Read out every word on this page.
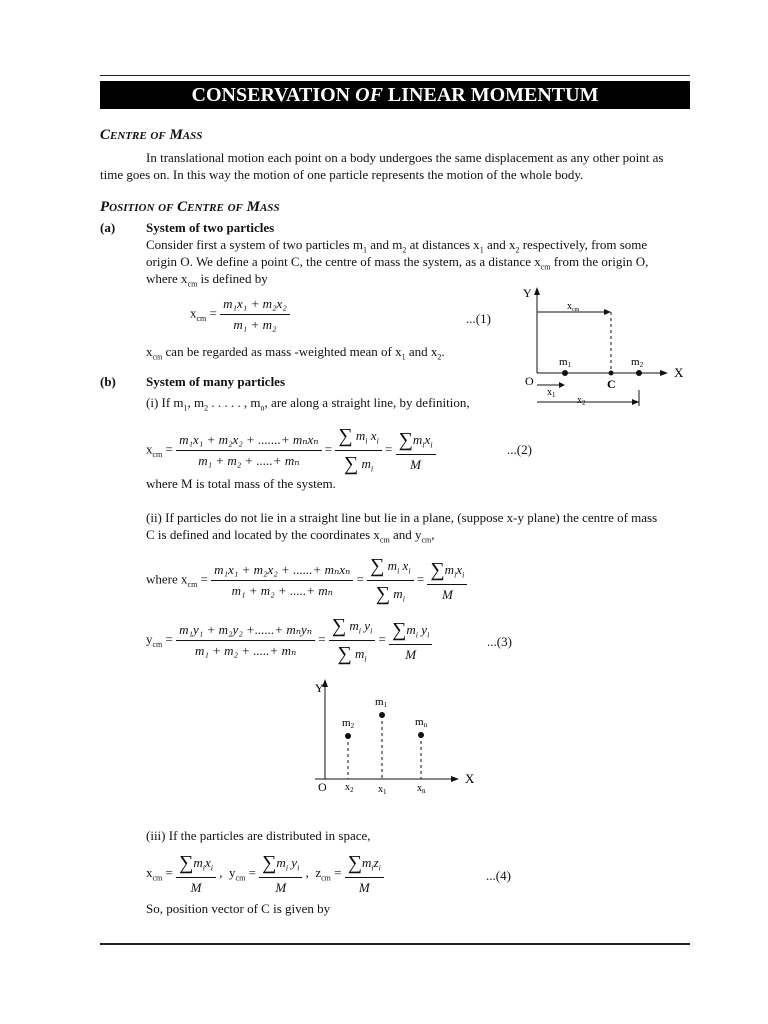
CONSERVATION OF LINEAR MOMENTUM
Centre of Mass
In translational motion each point on a body undergoes the same displacement as any other point as
time goes on. In this way the motion of one particle represents the motion of the whole body.
Position of Centre of Mass
(a) System of two particles
Consider first a system of two particles $m_1$ and $m_2$ at distances $x_1$ and $x_2$ respectively, from some
origin O. We define a point C, the centre of mass the system, as a distance $x_{cm}$ from the origin O,
where $x_{cm}$ is defined by
$x_{cm} = \frac{\text{m₁x₁ + m₂x₂}}{\text{m₁ + m₂}}$	...(1)
$x_{cm}$ can be regarded as mass -weighted mean of $x_1$ and $x_2$.
Y
X
O
$x_{cm}$
m1	m2
C
$x_1$ $x_2$
(b) System of many particles
(i) If $m_1$, $m_2$ . . . . . , $m_n$, are along a straight line, by definition,
$x_{cm} = \frac{\text{m₁x₁ + m₂x₂ + .......+ mₙxₙ}}{\text{m₁ + m₂ + .....+ mₙ}} = \frac{\sum m_i x_i}{\sum m_i} = \frac{\sum m_ix_i}{M}$	...(2)
where M is total mass of the system.
(ii) If particles do not lie in a straight line but lie in a plane, (suppose x-y plane) the centre of mass
C is defined and located by the coordinates $x_{cm}$ and $y_{cm}$,
where $x_{cm} = \frac{\text{m₁x₁ + m₂x₂ + ......+ mₙxₙ}}{\text{m₁ + m₂ + .....+ mₙ}} = \frac{\sum m_i x_i}{\sum m_i} = \frac{\sum m_ix_i}{M}$
$y_{cm} = \frac{\text{m₁y₁ + m₂y₂ +......+ mₙyₙ}}{\text{m₁ + m₂ + .....+ mₙ}} = \frac{\sum m_i y_i}{\sum m_i} = \frac{\sum m_i y_i}{M}$	...(3)
Y
X
O
m1
m2	mn
$x_2$ $x_1$	$x_n$
(iii) If the particles are distributed in space,
$x_{cm} = \frac{\sum m_ix_i}{M}$ ,  $y_{cm} = \frac{\sum m_i y_i}{M}$ ,  $z_{cm} = \frac{\sum m_iz_i}{M}$	...(4)
So, position vector of C is given by
